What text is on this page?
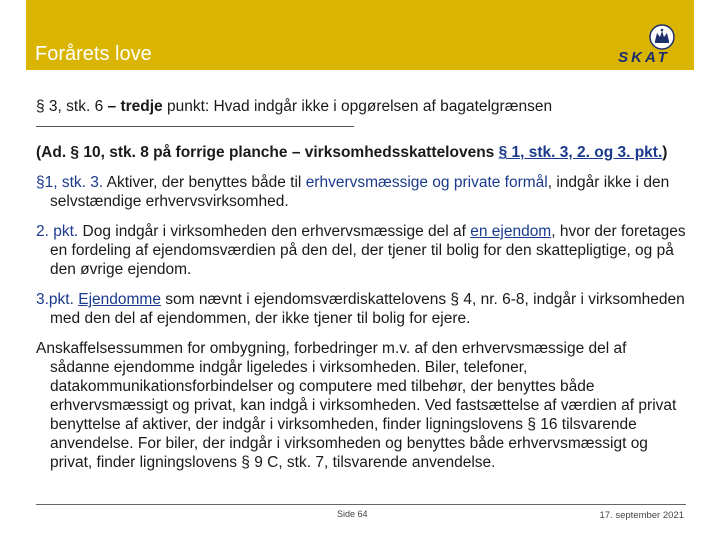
Forårets love	SKAT

§ 3, stk. 6 – tredje punkt: Hvad indgår ikke i opgørelsen af bagatelgrænsen

(Ad. § 10, stk. 8 på forrige planche – virksomhedsskattelovens § 1, stk. 3, 2. og 3. pkt.)

§1, stk. 3. Aktiver, der benyttes både til erhvervsmæssige og private formål, indgår ikke i den selvstændige erhvervsvirksomhed.

2. pkt. Dog indgår i virksomheden den erhvervsmæssige del af en ejendom, hvor der foretages en fordeling af ejendomsværdien på den del, der tjener til bolig for den skattepligtige, og på den øvrige ejendom.

3.pkt. Ejendomme som nævnt i ejendomsværdiskattelovens § 4, nr. 6-8, indgår i virksomheden med den del af ejendommen, der ikke tjener til bolig for ejere.

Anskaffelsessummen for ombygning, forbedringer m.v. af den erhvervsmæssige del af sådanne ejendomme indgår ligeledes i virksomheden. Biler, telefoner, datakommunikationsforbindelser og computere med tilbehør, der benyttes både erhvervsmæssigt og privat, kan indgå i virksomheden. Ved fastsættelse af værdien af privat benyttelse af aktiver, der indgår i virksomheden, finder ligningslovens § 16 tilsvarende anvendelse. For biler, der indgår i virksomheden og benyttes både erhvervsmæssigt og privat, finder ligningslovens § 9 C, stk. 7, tilsvarende anvendelse.

Side 64	17. september 2021
